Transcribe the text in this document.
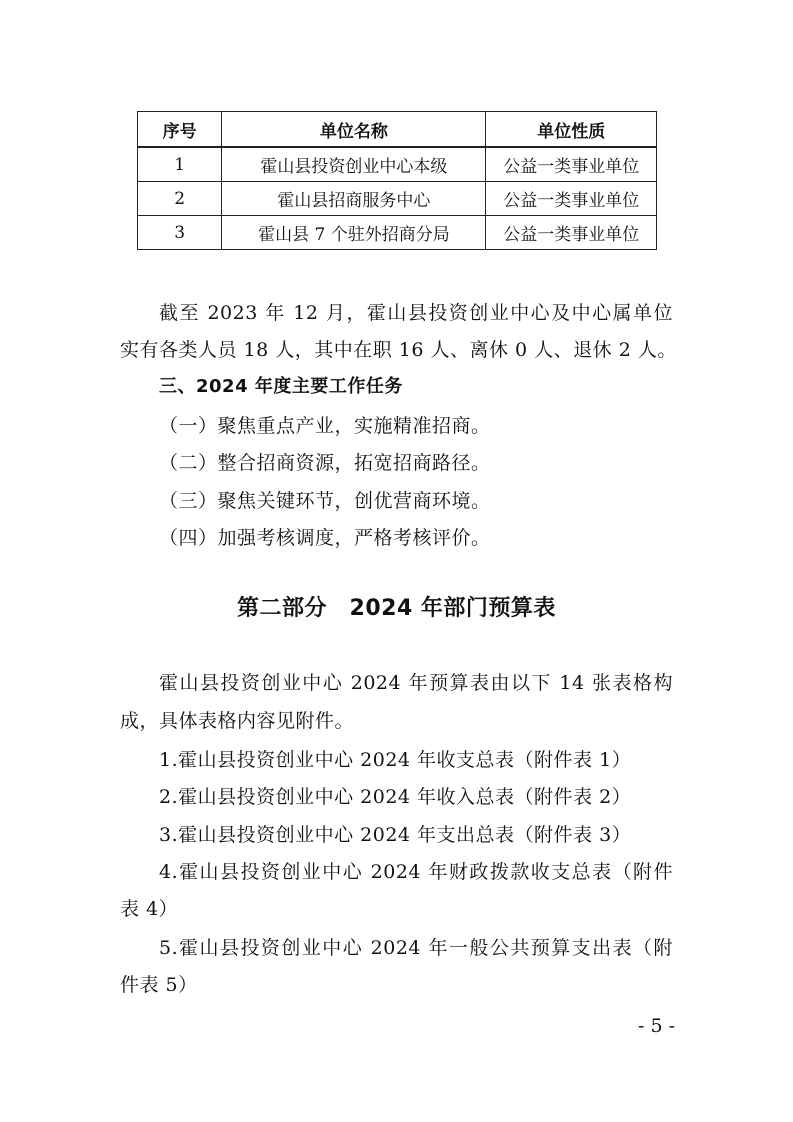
序号	单位名称	单位性质
1	霍山县投资创业中心本级	公益一类事业单位
2	霍山县招商服务中心	公益一类事业单位
3	霍山县 7 个驻外招商分局	公益一类事业单位
截至 2023 年 12 月，霍山县投资创业中心及中心属单位
实有各类人员 18 人，其中在职 16 人、离休 0 人、退休 2 人。
三、2024 年度主要工作任务
（一）聚焦重点产业，实施精准招商。
（二）整合招商资源，拓宽招商路径。
（三）聚焦关键环节，创优营商环境。
（四）加强考核调度，严格考核评价。
第二部分　2024 年部门预算表
霍山县投资创业中心 2024 年预算表由以下 14 张表格构
成，具体表格内容见附件。
1.霍山县投资创业中心 2024 年收支总表（附件表 1）
2.霍山县投资创业中心 2024 年收入总表（附件表 2）
3.霍山县投资创业中心 2024 年支出总表（附件表 3）
4.霍山县投资创业中心 2024 年财政拨款收支总表（附件
表 4）
5.霍山县投资创业中心 2024 年一般公共预算支出表（附
件表 5）
- 5 -
